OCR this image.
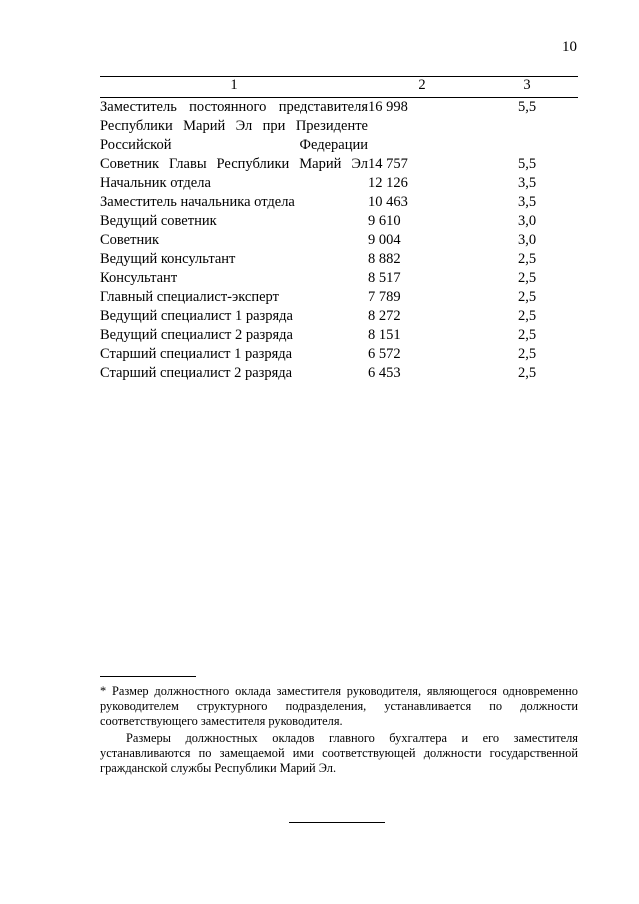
10
1	2	3
Заместитель постоянного представителя Республики Марий Эл при Президенте Российской Федерации	16 998	5,5
Советник Главы Республики Марий Эл	14 757	5,5
Начальник отдела	12 126	3,5
Заместитель начальника отдела	10 463	3,5
Ведущий советник	9 610	3,0
Советник	9 004	3,0
Ведущий консультант	8 882	2,5
Консультант	8 517	2,5
Главный специалист-эксперт	7 789	2,5
Ведущий специалист 1 разряда	8 272	2,5
Ведущий специалист 2 разряда	8 151	2,5
Старший специалист 1 разряда	6 572	2,5
Старший специалист 2 разряда	6 453	2,5

* Размер должностного оклада заместителя руководителя, являющегося одновременно руководителем структурного подразделения, устанавливается по должности соответствующего заместителя руководителя.

Размеры должностных окладов главного бухгалтера и его заместителя устанавливаются по замещаемой ими соответствующей должности государственной гражданской службы Республики Марий Эл.
